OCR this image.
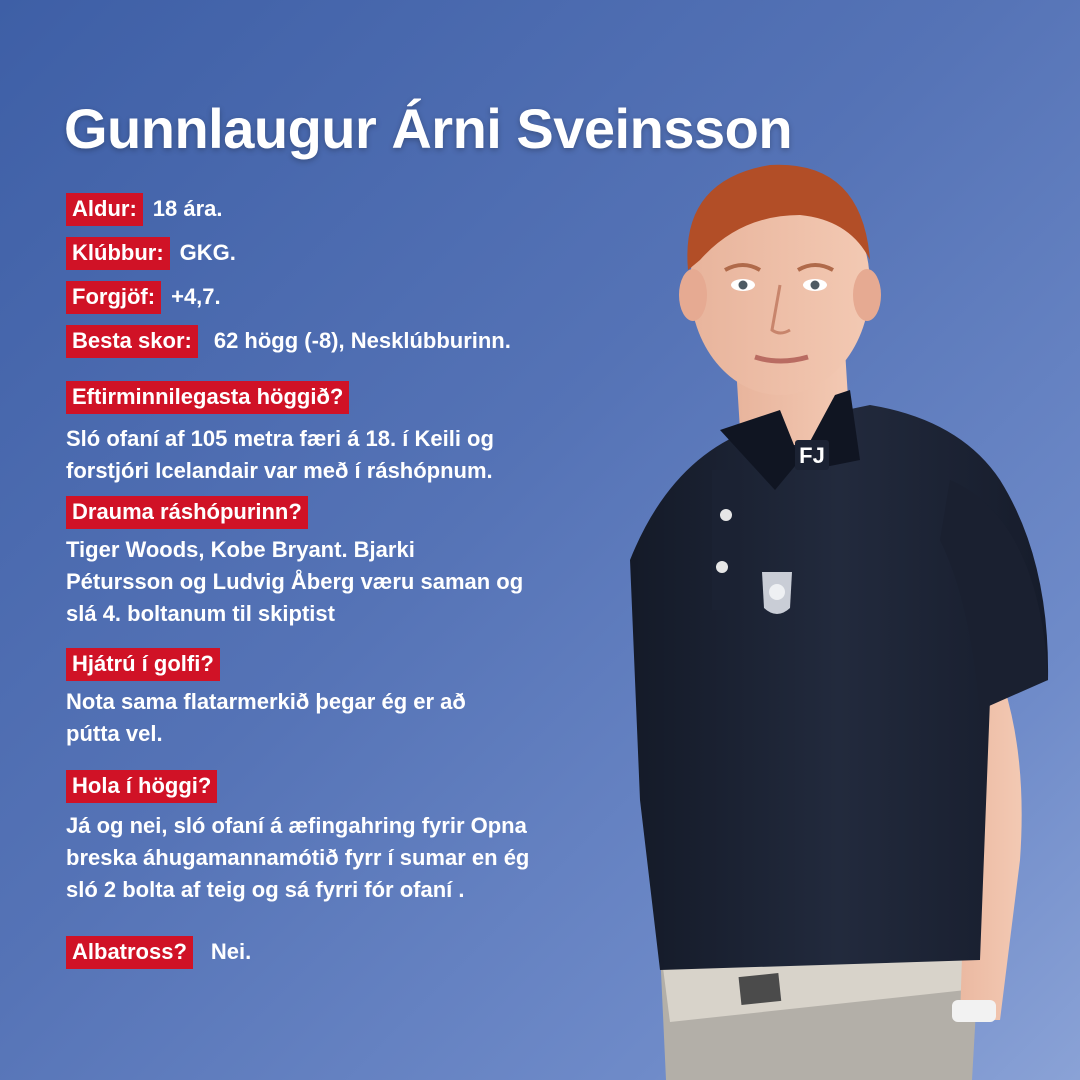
Gunnlaugur Árni Sveinsson
Aldur: 18 ára.
Klúbbur: GKG.
Forgjöf: +4,7.
Besta skor: 62 högg (-8), Nesklúbburinn.
Eftirminnilegasta höggið?
Sló ofaní af 105 metra færi á 18. í Keili og
forstjóri Icelandair var með í ráshópnum.
Drauma ráshópurinn?
Tiger Woods, Kobe Bryant. Bjarki
Pétursson og Ludvig Åberg væru saman og
slá 4. boltanum til skiptist
Hjátrú í golfi?
Nota sama flatarmerkið þegar ég er að
pútta vel.
Hola í höggi?
Já og nei, sló ofaní á æfingahring fyrir Opna
breska áhugamannamótið fyrr í sumar en ég
sló 2 bolta af teig og sá fyrri fór ofaní .
Albatross? Nei.
FJ
